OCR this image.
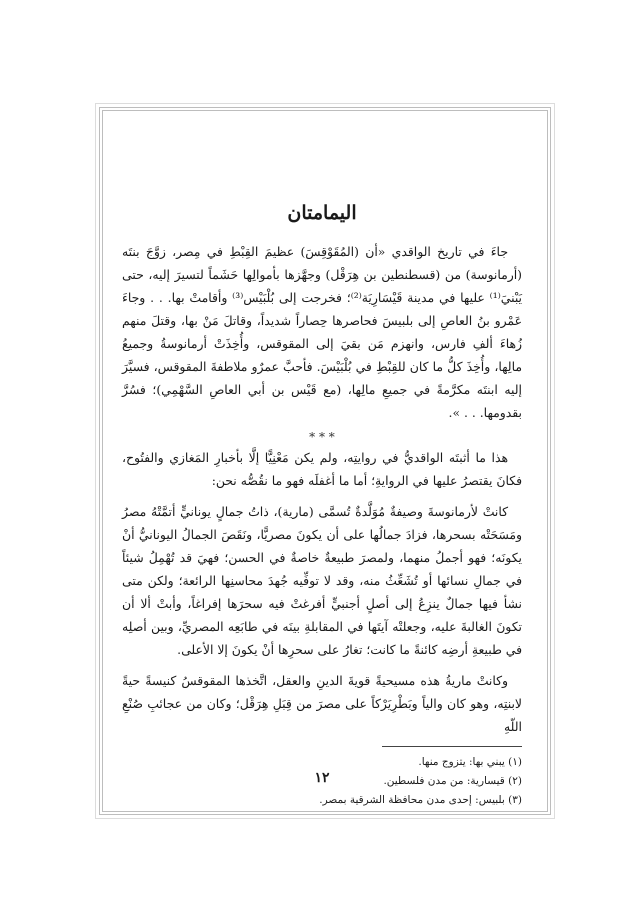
اليمامتان

جاءَ في تاريخ الواقدي «أن (المُقَوْقِسَ) عظيمَ القِبْطِ في مِصر، زوَّجَ بنتَه (أرمانوسة) من (قسطنطين بن هِرَقْل) وجهَّزها بأموالِها حَشَماً لتسيرَ إليه، حتى يَبْنيَ⁽¹⁾ عليها في مدينة قَيْسَارِيَة⁽²⁾؛ فخرجت إلى بُلْبَيْس⁽³⁾ وأقامتْ بها. . . وجاءَ عَمْرو بنُ العاصِ إلى بلبيسَ فحاصرها حِصاراً شديداً، وقاتلَ مَنْ بها، وقتلَ منهم زُهاءَ ألفِ فارس، وانهزم مَن بقيَ إلى المقوقس، وأُخِذَتْ أرمانوسةُ وجميعُ مالِها، وأُخِذَ كلُّ ما كان للقِبْطِ في بُلْبَيْسَ. فأحبَّ عمرٌو ملاطفةَ المقوقس، فسيَّرَ إليه ابنتَه مكرَّمةً في جميعِ مالِها، (مع قَيْس بن أبي العاصِ السَّهْمِي)؛ فسُرَّ بقدومها. . . ».

* * *

هذا ما أثبتَه الواقديُّ في روايتِه، ولم يكن مَعْنِيًّا إلَّا بأخبارِ المَغازي والفتُوح، فكانَ يقتصرُ عليها في الروايةِ؛ أما ما أغفلَه فهو ما نقُصُّه نحن:

كانتْ لأرمانوسةَ وصيفةٌ مُوَلَّدةٌ تُسمَّى (مارية)، ذاتُ جمالٍ يونانيٍّ أتمَّتْهُ مصرُ ومَسَحَتْه بسحرها، فزادَ جمالُها على أن يكونَ مصريًّا، ونَقَصَ الجمالُ اليونانيُّ أنْ يكونَه؛ فهو أجملُ منهما، ولمصرَ طبيعةٌ خاصةٌ في الحسن؛ فهيَ قد تُهْمِلُ شيئاً في جمالِ نسائها أو تُشَعِّثُ منه، وقد لا توفِّيه جُهدَ محاسنِها الرائعة؛ ولكن متى نشأ فيها جمالٌ ينزِعُ إلى أصلٍ أجنبيٍّ أفرغتْ فيه سحرَها إفراغاً، وأبتْ ألا أن تكونَ الغالبةَ عليه، وجعلتْه آيتَها في المقابلةِ بينَه في طابَعِه المصريِّ، وبين أصلِه في طبيعةِ أرضِه كائنةً ما كانت؛ تغارُ على سحرِها أنْ يكونَ إلا الأعلى.

وكانتْ ماريةُ هذه مسيحيةً قويةَ الدينِ والعقل، اتَّخذها المقوقسُ كنيسةً حيةً لابنتِه، وهو كان والياً وبَطْرِيَرْكاً على مصرَ من قِبَلِ هِرَقْل؛ وكان من عجائبِ صُنْعِ اللّهِ

(١) يبني بها: يتزوج منها.
(٢) قيسارية: من مدن فلسطين.
(٣) بلبيس: إحدى مدن محافظة الشرقية بمصر.
١٢
